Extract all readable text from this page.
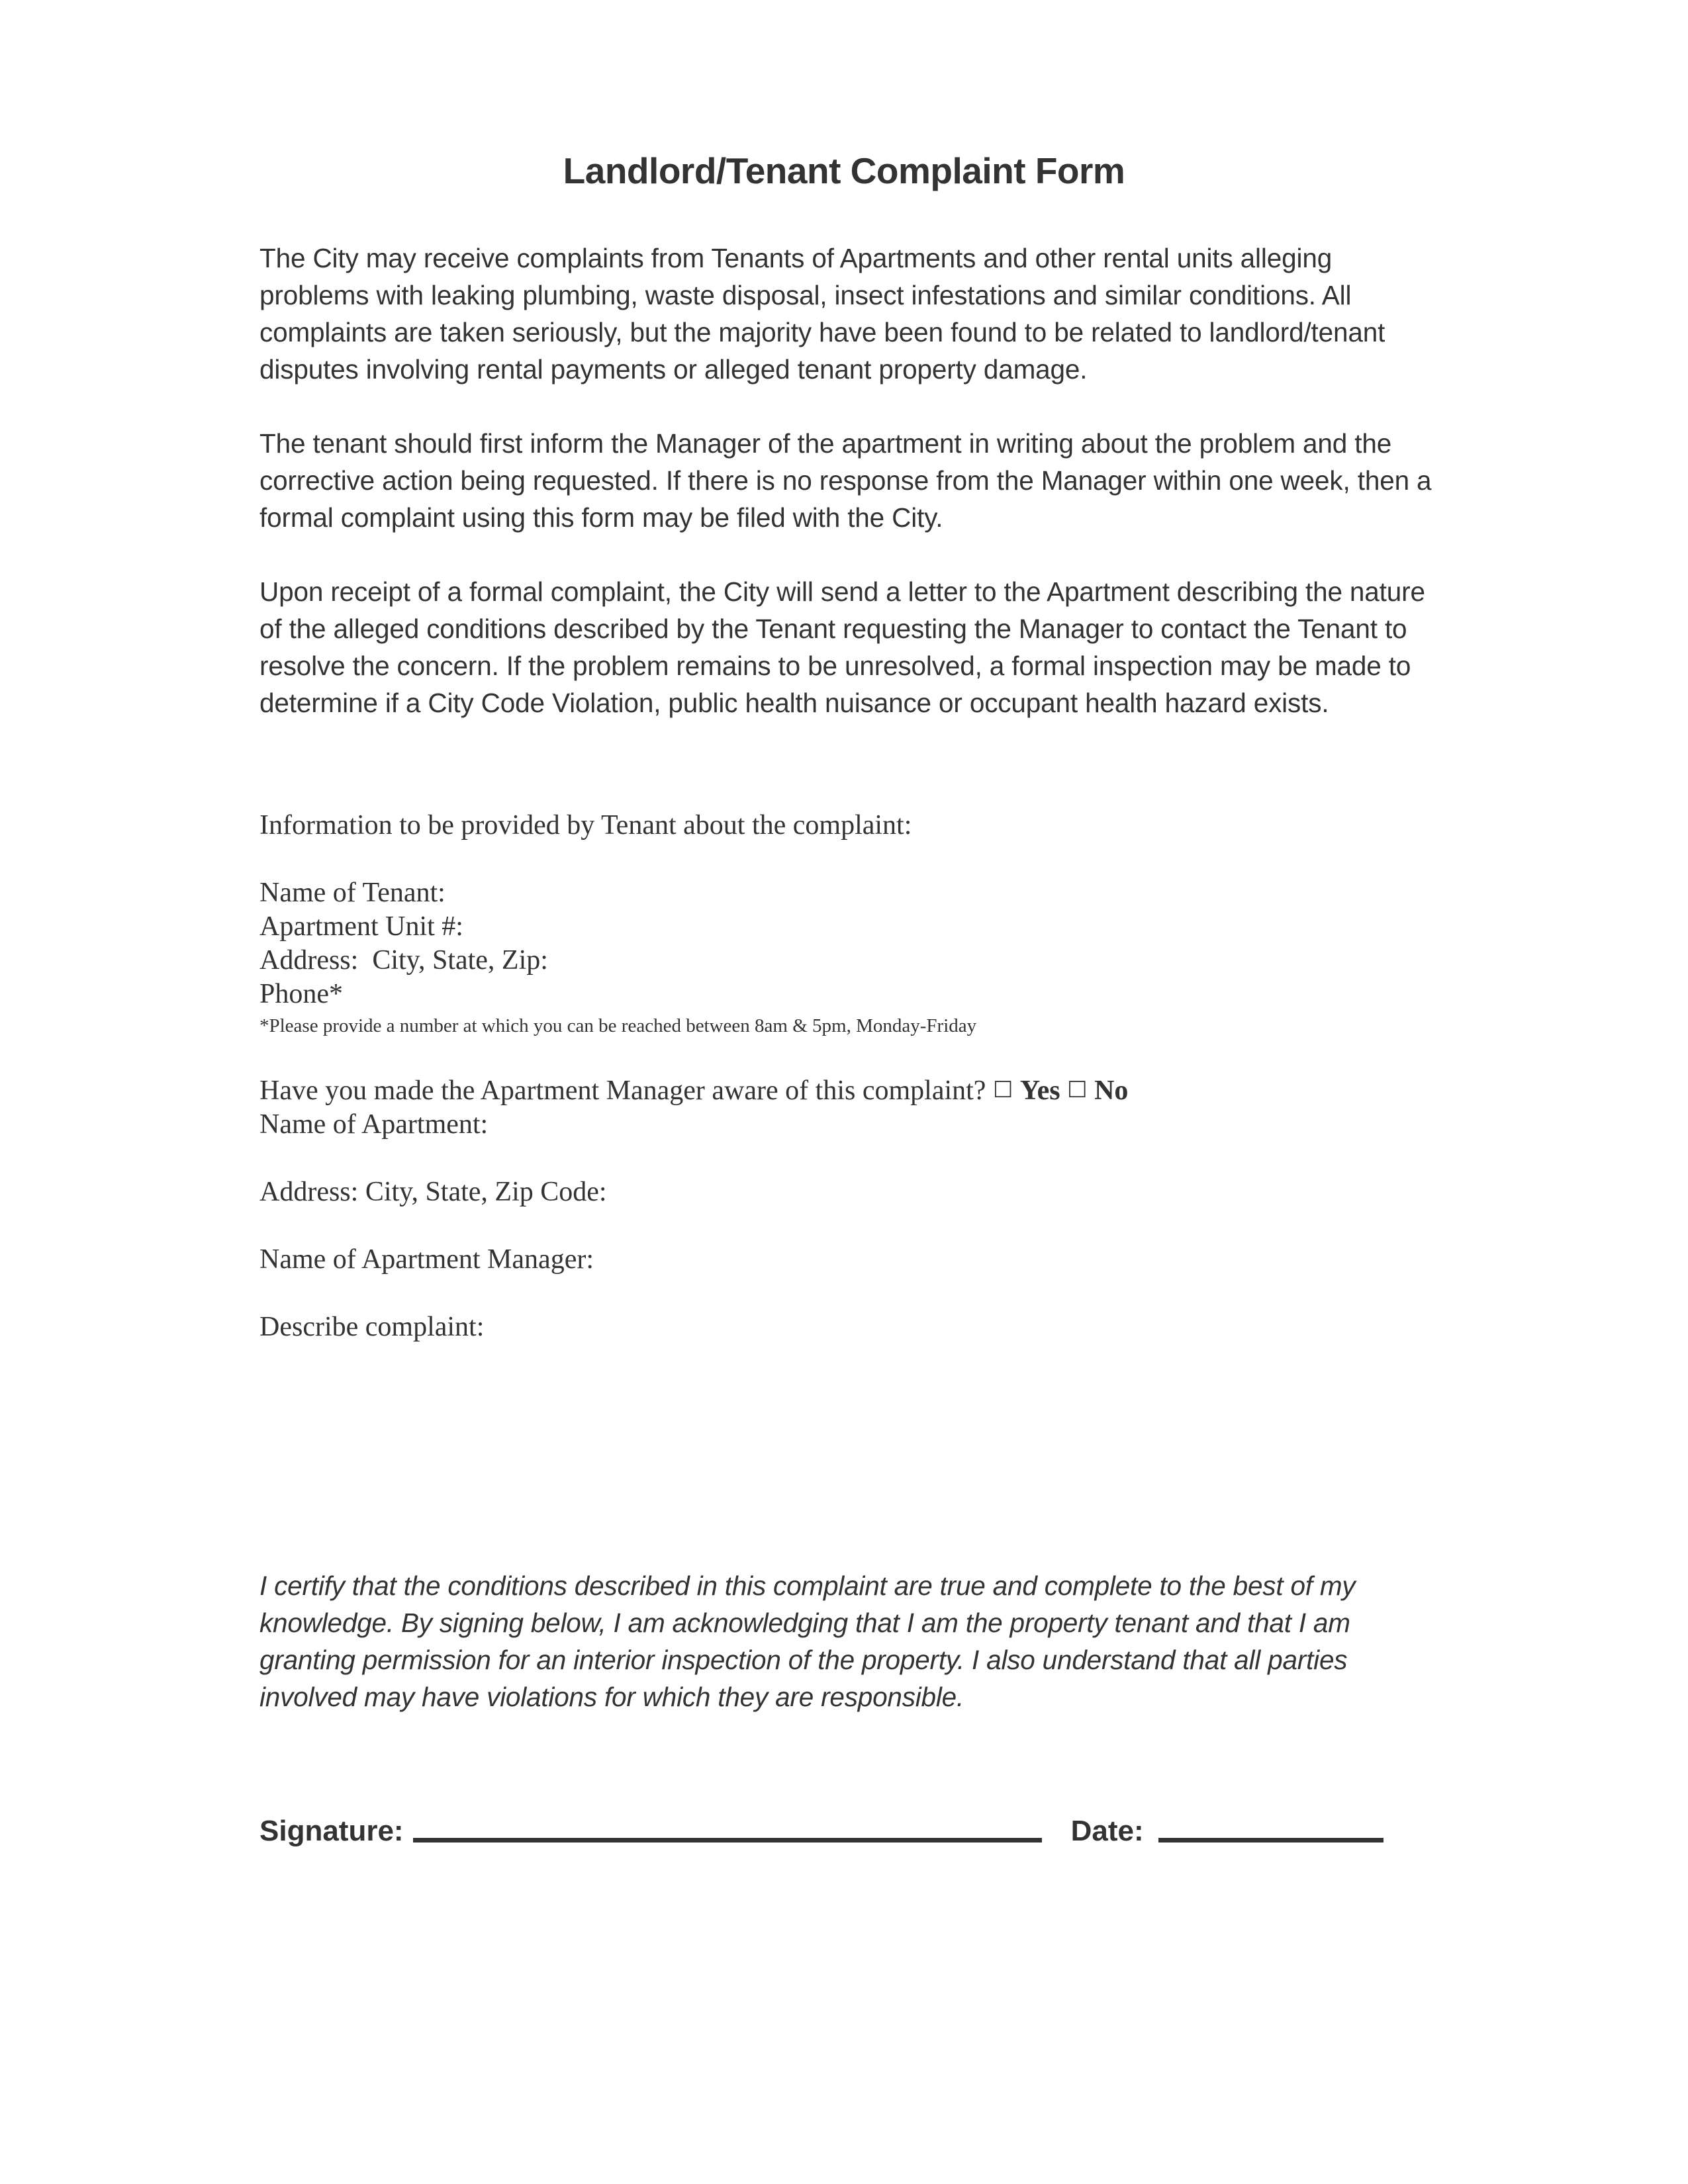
Landlord/Tenant Complaint Form

The City may receive complaints from Tenants of Apartments and other rental units alleging problems with leaking plumbing, waste disposal, insect infestations and similar conditions. All complaints are taken seriously, but the majority have been found to be related to landlord/tenant disputes involving rental payments or alleged tenant property damage.

The tenant should first inform the Manager of the apartment in writing about the problem and the corrective action being requested. If there is no response from the Manager within one week, then a formal complaint using this form may be filed with the City.

Upon receipt of a formal complaint, the City will send a letter to the Apartment describing the nature of the alleged conditions described by the Tenant requesting the Manager to contact the Tenant to resolve the concern. If the problem remains to be unresolved, a formal inspection may be made to determine if a City Code Violation, public health nuisance or occupant health hazard exists.

Information to be provided by Tenant about the complaint:
Name of Tenant:
Apartment Unit #:
Address:  City, State, Zip:
Phone*
*Please provide a number at which you can be reached between 8am & 5pm, Monday-Friday
Have you made the Apartment Manager aware of this complaint? ☐ Yes ☐ No
Name of Apartment:
Address: City, State, Zip Code:
Name of Apartment Manager:
Describe complaint:

I certify that the conditions described in this complaint are true and complete to the best of my knowledge. By signing below, I am acknowledging that I am the property tenant and that I am granting permission for an interior inspection of the property. I also understand that all parties involved may have violations for which they are responsible.

Signature:	Date:
